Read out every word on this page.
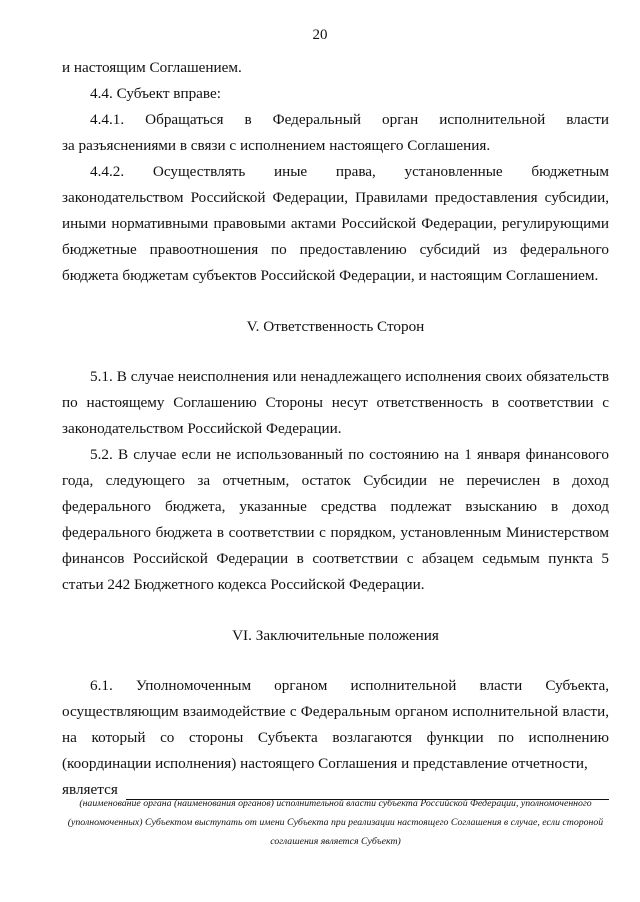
20

и настоящим Соглашением.

4.4. Субъект вправе:

4.4.1. Обращаться в Федеральный орган исполнительной власти

за разъяснениями в связи с исполнением настоящего Соглашения.

4.4.2. Осуществлять иные права, установленные бюджетным законодательством Российской Федерации, Правилами предоставления субсидии, иными нормативными правовыми актами Российской Федерации, регулирующими бюджетные правоотношения по предоставлению субсидий из федерального бюджета бюджетам субъектов Российской Федерации, и настоящим Соглашением.

V. Ответственность Сторон

5.1. В случае неисполнения или ненадлежащего исполнения своих обязательств по настоящему Соглашению Стороны несут ответственность в соответствии с законодательством Российской Федерации.

5.2. В случае если не использованный по состоянию на 1 января финансового года, следующего за отчетным, остаток Субсидии не перечислен в доход федерального бюджета, указанные средства подлежат взысканию в доход федерального бюджета в соответствии с порядком, установленным Министерством финансов Российской Федерации в соответствии с абзацем седьмым пункта 5 статьи 242 Бюджетного кодекса Российской Федерации.

VI. Заключительные положения

6.1. Уполномоченным органом исполнительной власти Субъекта, осуществляющим взаимодействие с Федеральным органом исполнительной власти, на который со стороны Субъекта возлагаются функции по исполнению (координации исполнения) настоящего Соглашения и представление отчетности,

является
(наименование органа (наименования органов) исполнительной власти субъекта Российской Федерации, уполномоченного (уполномоченных) Субъектом выступать от имени Субъекта при реализации настоящего Соглашения в случае, если стороной соглашения является Субъект)
